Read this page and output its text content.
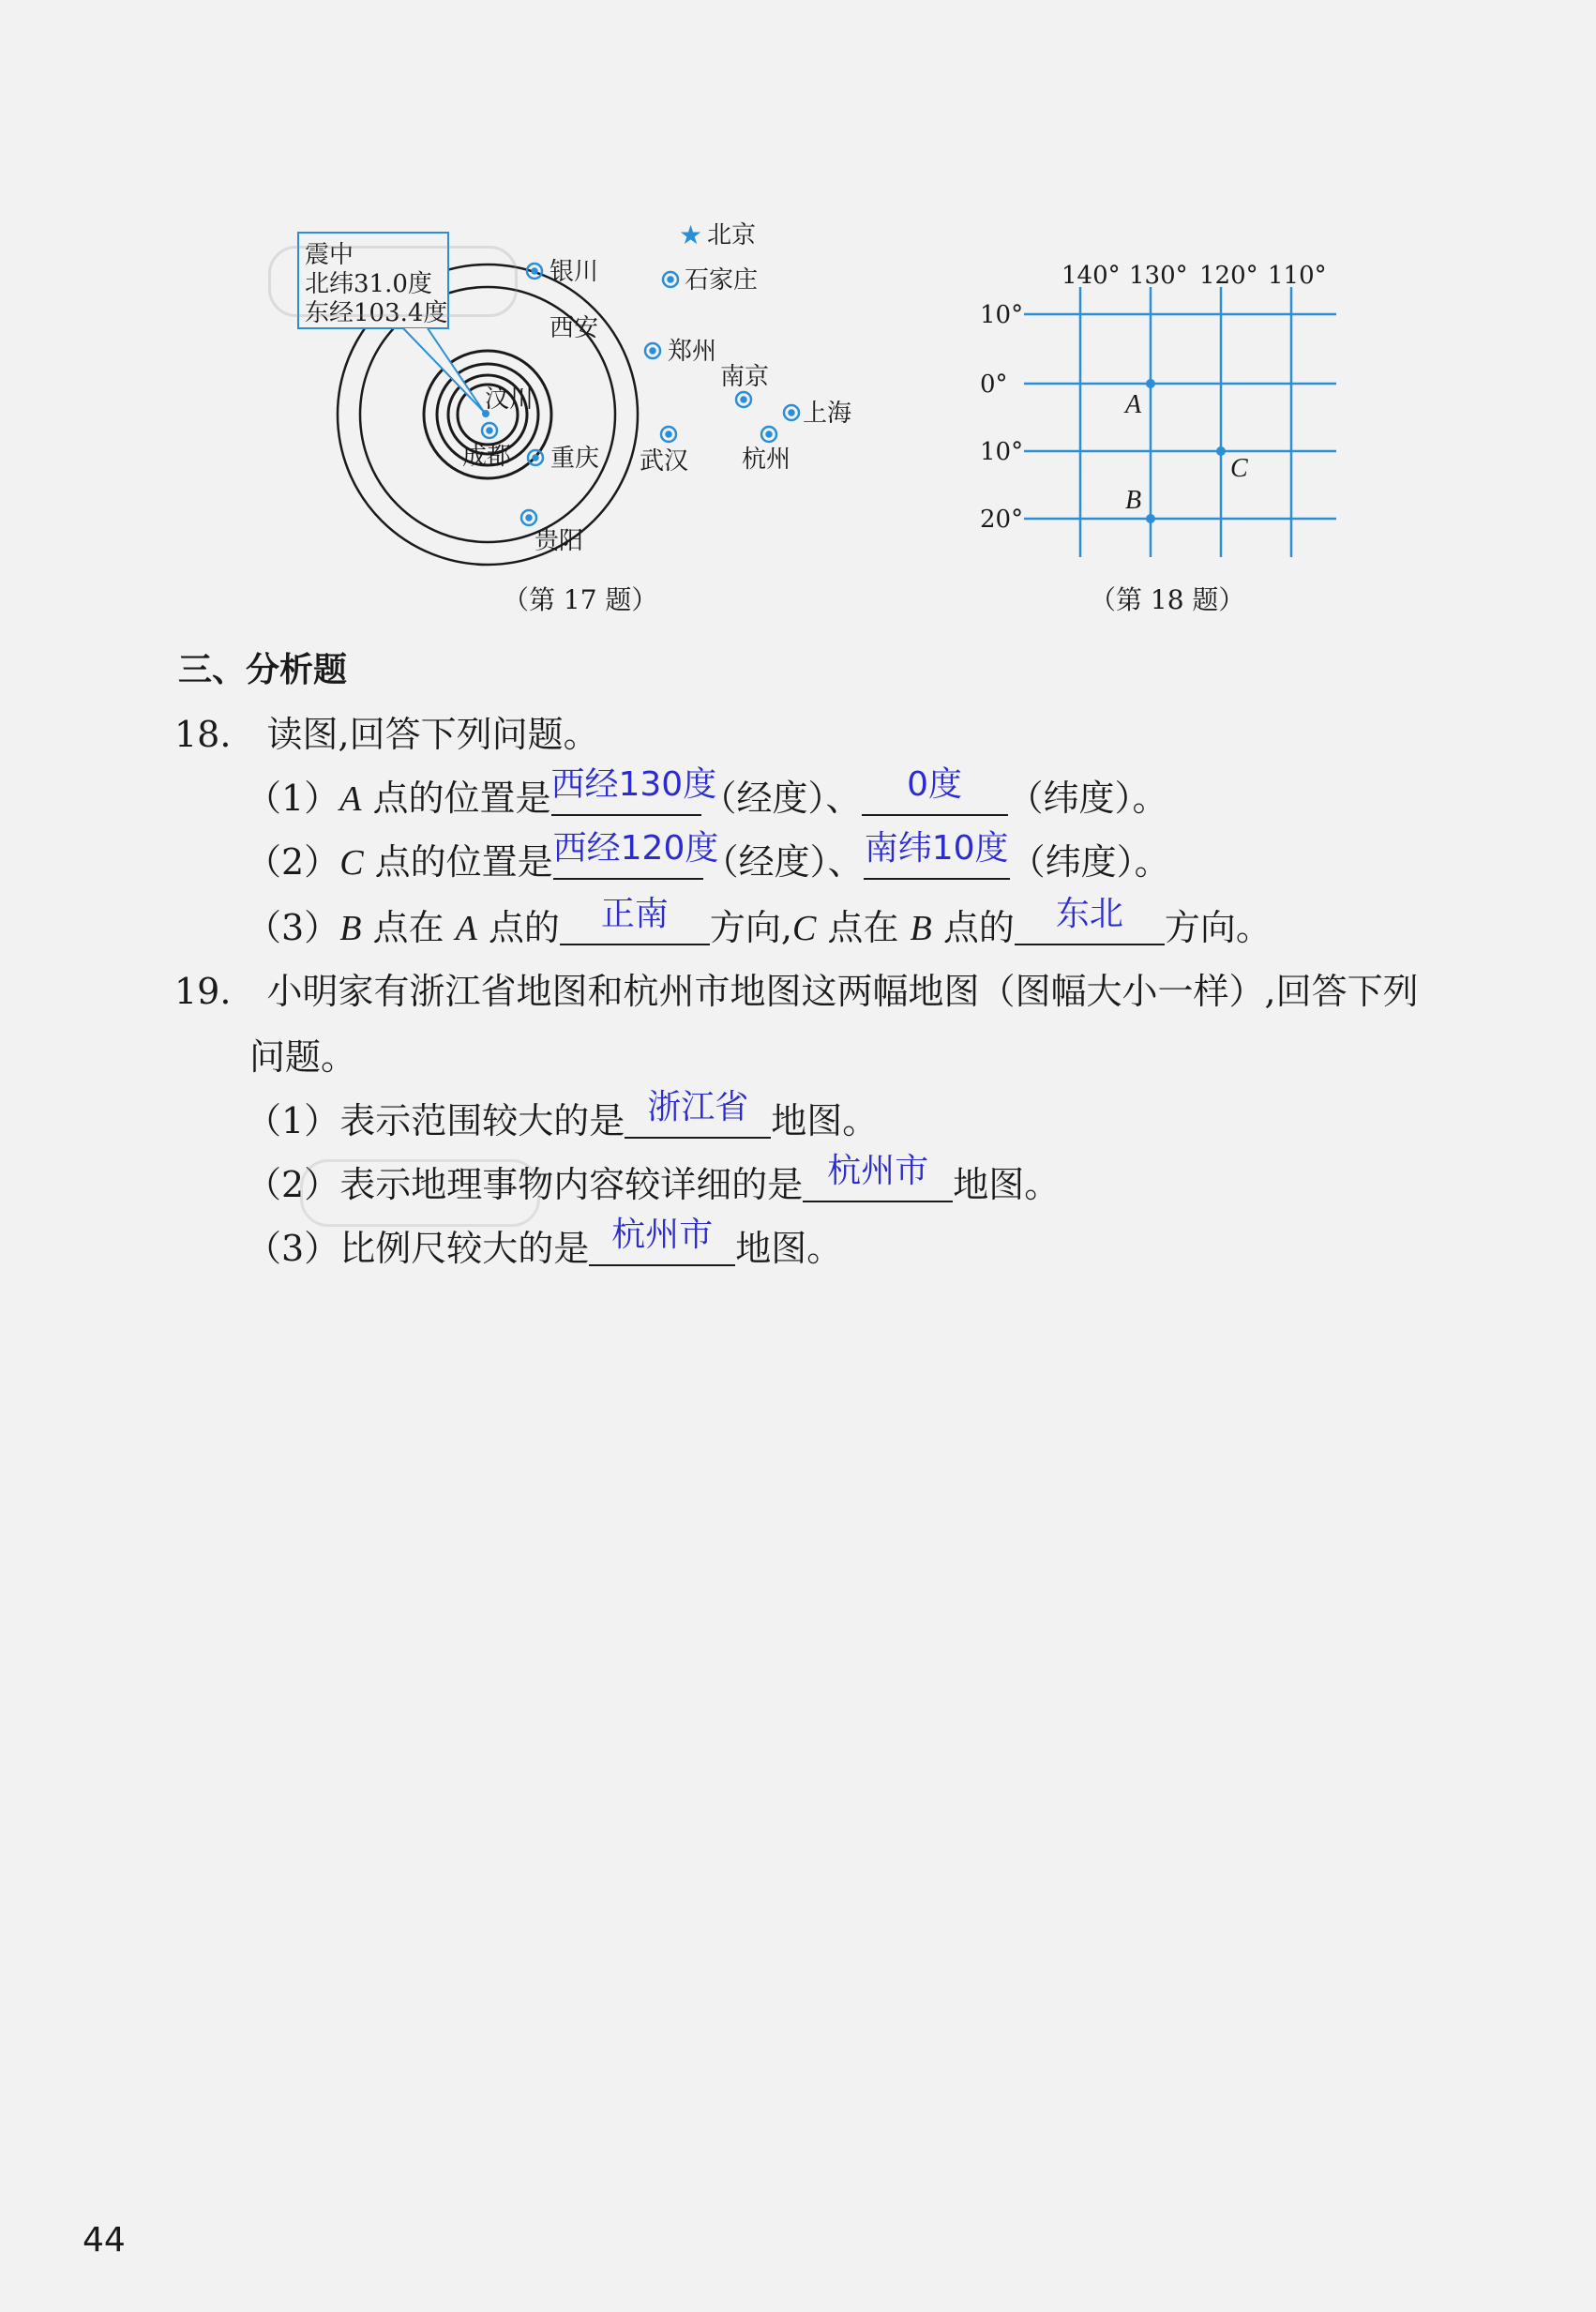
震中
北纬31.0度
东经103.4度
★ 北京
银川	石家庄
西安
郑州
汶川
南京
上海
成都 重庆 武汉 杭州
贵阳
（第 17 题）
140° 130° 120° 110°
10°
0°
10°
20°
A
C
B
（第 18 题）
三、分析题
18. 读图,回答下列问题。
（1）A 点的位置是 西经130度
（经度）、	0度	（纬度）。
（2）C 点的位置是 西经120度
（经度）、 南纬10度 （纬度）。
（3）B 点在 A 点的	正南	方向,C 点在 B 点的	东北	方向。
19. 小明家有浙江省地图和杭州市地图这两幅地图（图幅大小一样）,回答下列
问题。
（1）表示范围较大的是 浙江省 地图。
（2）表示地理事物内容较详细的是 杭州市 地图。
（3）比例尺较大的是 杭州市 地图。
44
